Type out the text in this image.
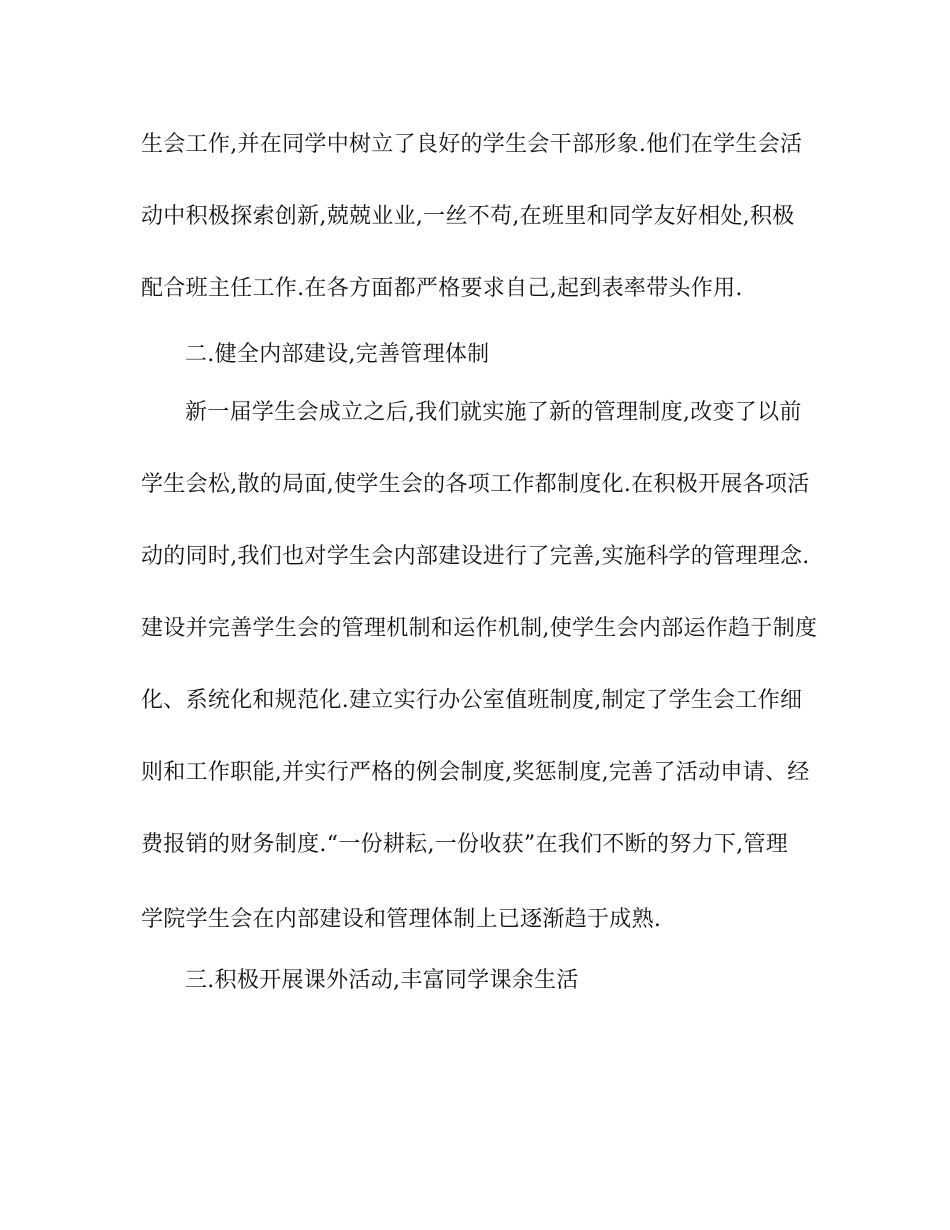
生会工作,并在同学中树立了良好的学生会干部形象.他们在学生会活
动中积极探索创新,兢兢业业,一丝不苟,在班里和同学友好相处,积极
配合班主任工作.在各方面都严格要求自己,起到表率带头作用.
二.健全内部建设,完善管理体制
新一届学生会成立之后,我们就实施了新的管理制度,改变了以前
学生会松,散的局面,使学生会的各项工作都制度化.在积极开展各项活
动的同时,我们也对学生会内部建设进行了完善,实施科学的管理理念.
建设并完善学生会的管理机制和运作机制,使学生会内部运作趋于制度
化、系统化和规范化.建立实行办公室值班制度,制定了学生会工作细
则和工作职能,并实行严格的例会制度,奖惩制度,完善了活动申请、经
费报销的财务制度.“一份耕耘,一份收获”在我们不断的努力下,管理
学院学生会在内部建设和管理体制上已逐渐趋于成熟.
三.积极开展课外活动,丰富同学课余生活
